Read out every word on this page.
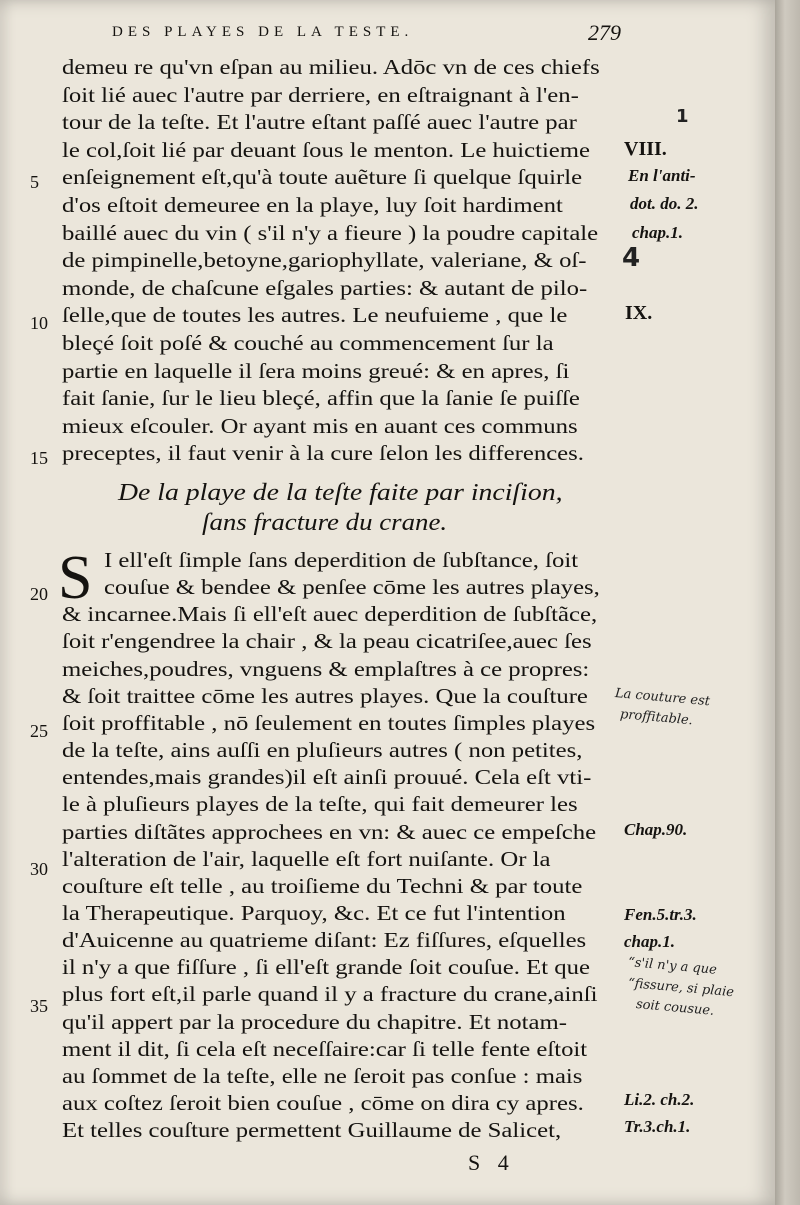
DES PLAYES DE LA TESTE.	279
demeu re qu'vn eſpan au milieu. Adōc vn de ces chiefs
ſoit lié auec l'autre par derriere, en eſtraignant à l'en-
tour de la teſte. Et l'autre eſtant paſſé auec l'autre par
le col,ſoit lié par deuant ſous le menton. Le huictieme
enſeignement eſt,qu'à toute auẽture ſi quelque ſquirle
d'os eſtoit demeuree en la playe, luy ſoit hardiment
baillé auec du vin ( s'il n'y a fieure ) la poudre capitale
de pimpinelle,betoyne,gariophyllate, valeriane, & oſ-
monde, de chaſcune eſgales parties: & autant de pilo-
ſelle,que de toutes les autres. Le neufuieme , que le
bleçé ſoit poſé & couché au commencement ſur la
partie en laquelle il ſera moins greué: & en apres, ſi
fait ſanie, ſur le lieu bleçé, affin que la ſanie ſe puiſſe
mieux eſcouler. Or ayant mis en auant ces communs
preceptes, il faut venir à la cure ſelon les differences.
De la playe de la teſte faite par inciſion,
ſans fracture du crane.
S I ell'eſt ſimple ſans deperdition de ſubſtance, ſoit
couſue & bendee & penſee cōme les autres playes,
& incarnee.Mais ſi ell'eſt auec deperdition de ſubſtãce,
ſoit r'engendree la chair , & la peau cicatriſee,auec ſes
meiches,poudres, vnguens & emplaſtres à ce propres:
& ſoit traittee cōme les autres playes. Que la couſture
ſoit proffitable , nō ſeulement en toutes ſimples playes
de la teſte, ains auſſi en pluſieurs autres ( non petites,
entendes,mais grandes)il eſt ainſi prouué. Cela eſt vti-
le à pluſieurs playes de la teſte, qui fait demeurer les
parties diſtãtes approchees en vn: & auec ce empeſche
l'alteration de l'air, laquelle eſt fort nuiſante. Or la
couſture eſt telle , au troiſieme du Techni & par toute
la Therapeutique. Parquoy, &c. Et ce fut l'intention
d'Auicenne au quatrieme diſant: Ez fiſſures, eſquelles
il n'y a que fiſſure , ſi ell'eſt grande ſoit couſue. Et que
plus fort eſt,il parle quand il y a fracture du crane,ainſi
qu'il appert par la procedure du chapitre. Et notam-
ment il dit, ſi cela eſt neceſſaire:car ſi telle fente eſtoit
au ſommet de la teſte, elle ne ſeroit pas conſue : mais
aux coſtez ſeroit bien couſue , cōme on dira cy apres.
Et telles couſture permettent Guillaume de Salicet,
5
10
15
20
25
30
35
VIII.
En l'anti-
dot. do. 2.
chap.1.
IX.
Chap.90.
Fen.5.tr.3.
chap.1.
Li.2. ch.2.
Tr.3.ch.1.
1
4
La couture est
proffitable.
“s'il n'y a que
“fissure, si plaie
soit cousue.
S 4
